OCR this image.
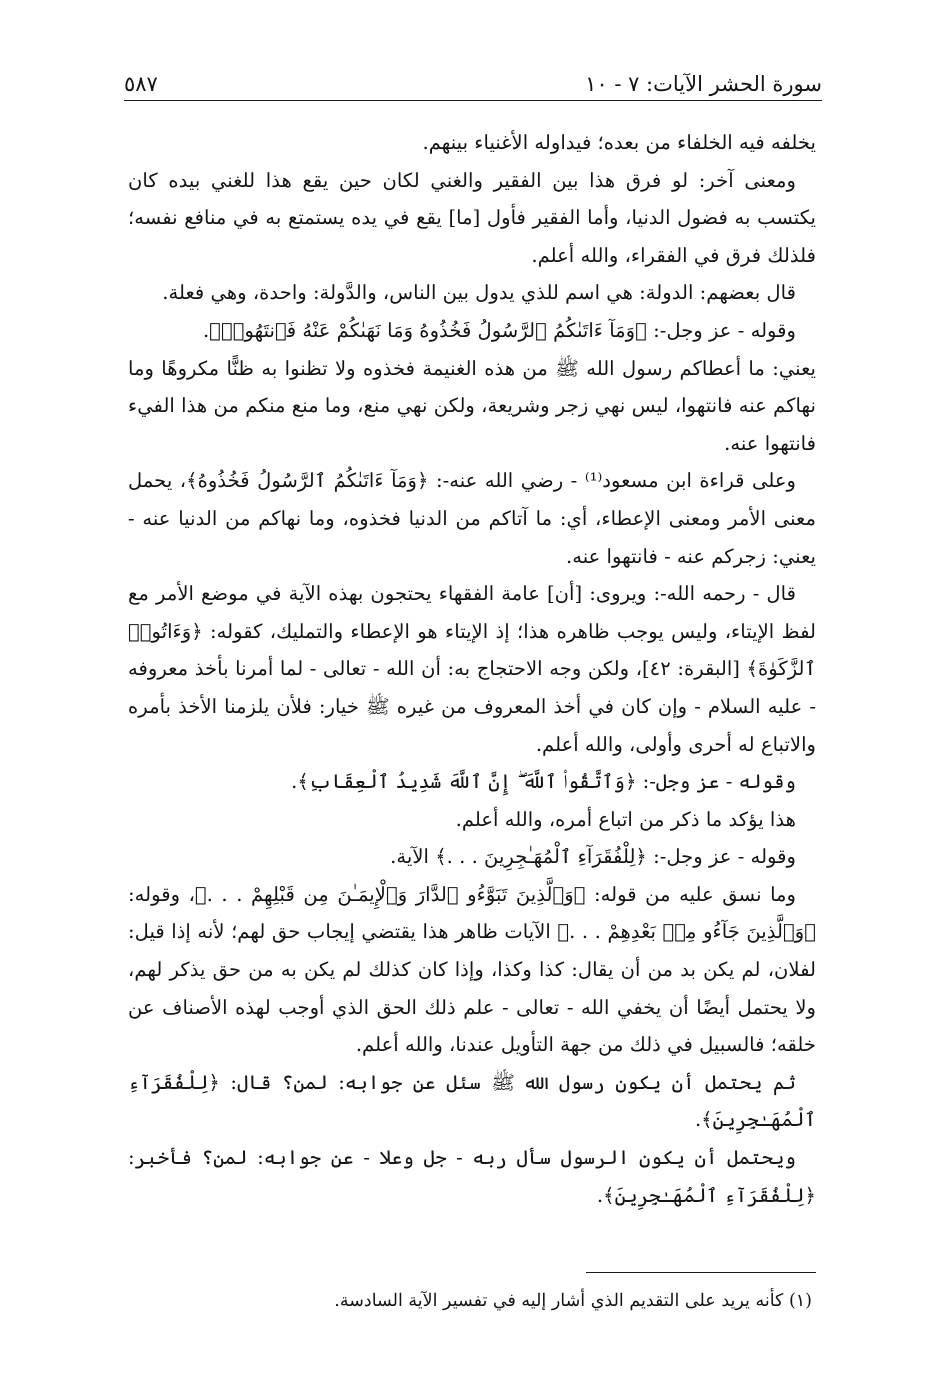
سورة الحشر الآيات: ٧ - ١٠
٥٨٧

يخلفه فيه الخلفاء من بعده؛ فيداوله الأغنياء بينهم.

ومعنى آخر: لو فرق هذا بين الفقير والغني لكان حين يقع هذا للغني بيده كان يكتسب به فضول الدنيا، وأما الفقير فأول [ما] يقع في يده يستمتع به في منافع نفسه؛ فلذلك فرق في الفقراء، والله أعلم.

قال بعضهم: الدولة: هي اسم للذي يدول بين الناس، والدَّولة: واحدة، وهي فعلة.

وقوله - عز وجل-: ﴿وَمَآ ءَاتَىٰكُمُ ٱلرَّسُولُ فَخُذُوهُ وَمَا نَهَىٰكُمْ عَنْهُ فَٱنتَهُوا۟﴾.

يعني: ما أعطاكم رسول الله ﷺ من هذه الغنيمة فخذوه ولا تظنوا به ظنًّا مكروهًا وما نهاكم عنه فانتهوا، ليس نهي زجر وشريعة، ولكن نهي منع، وما منع منكم من هذا الفيء فانتهوا عنه.

وعلى قراءة ابن مسعود⁽¹⁾ - رضي الله عنه-: ﴿وَمَآ ءَاتَىٰكُمُ ٱلرَّسُولُ فَخُذُوهُ﴾، يحمل معنى الأمر ومعنى الإعطاء، أي: ما آتاكم من الدنيا فخذوه، وما نهاكم من الدنيا عنه - يعني: زجركم عنه - فانتهوا عنه.

قال - رحمه الله-: ويروى: [أن] عامة الفقهاء يحتجون بهذه الآية في موضع الأمر مع لفظ الإيتاء، وليس يوجب ظاهره هذا؛ إذ الإيتاء هو الإعطاء والتمليك، كقوله: ﴿وَءَاتُوا۟ ٱلزَّكَوٰةَ﴾ [البقرة: ٤٢]، ولكن وجه الاحتجاج به: أن الله - تعالى - لما أمرنا بأخذ معروفه - عليه السلام - وإن كان في أخذ المعروف من غيره ﷺ خيار: فلأن يلزمنا الأخذ بأمره والاتباع له أحرى وأولى، والله أعلم.

وقوله - عز وجل-: ﴿وَٱتَّقُوا۟ ٱللَّهَ ۖ إِنَّ ٱللَّهَ شَدِيدُ ٱلْعِقَابِ﴾.

هذا يؤكد ما ذكر من اتباع أمره، والله أعلم.

وقوله - عز وجل-: ﴿لِلْفُقَرَآءِ ٱلْمُهَـٰجِرِينَ . . .﴾ الآية.

وما نسق عليه من قوله: ﴿وَٱلَّذِينَ تَبَوَّءُو ٱلدَّارَ وَٱلْإِيمَـٰنَ مِن قَبْلِهِمْ . . .﴾، وقوله: ﴿وَٱلَّذِينَ جَآءُو مِنۢ بَعْدِهِمْ . . .﴾ الآيات ظاهر هذا يقتضي إيجاب حق لهم؛ لأنه إذا قيل: لفلان، لم يكن بد من أن يقال: كذا وكذا، وإذا كان كذلك لم يكن به من حق يذكر لهم، ولا يحتمل أيضًا أن يخفي الله - تعالى - علم ذلك الحق الذي أوجب لهذه الأصناف عن خلقه؛ فالسبيل في ذلك من جهة التأويل عندنا، والله أعلم.

ثم يحتمل أن يكون رسول الله ﷺ سئل عن جوابه: لمن؟ قال: ﴿لِلْفُقَرَآءِ ٱلْمُهَـٰجِرِينَ﴾.

ويحتمل أن يكون الرسول سأل ربه - جل وعلا - عن جوابه: لمن؟ فأخبر: ﴿لِلْفُقَرَآءِ ٱلْمُهَـٰجِرِينَ﴾.

(١) كأنه يريد على التقديم الذي أشار إليه في تفسير الآية السادسة.
